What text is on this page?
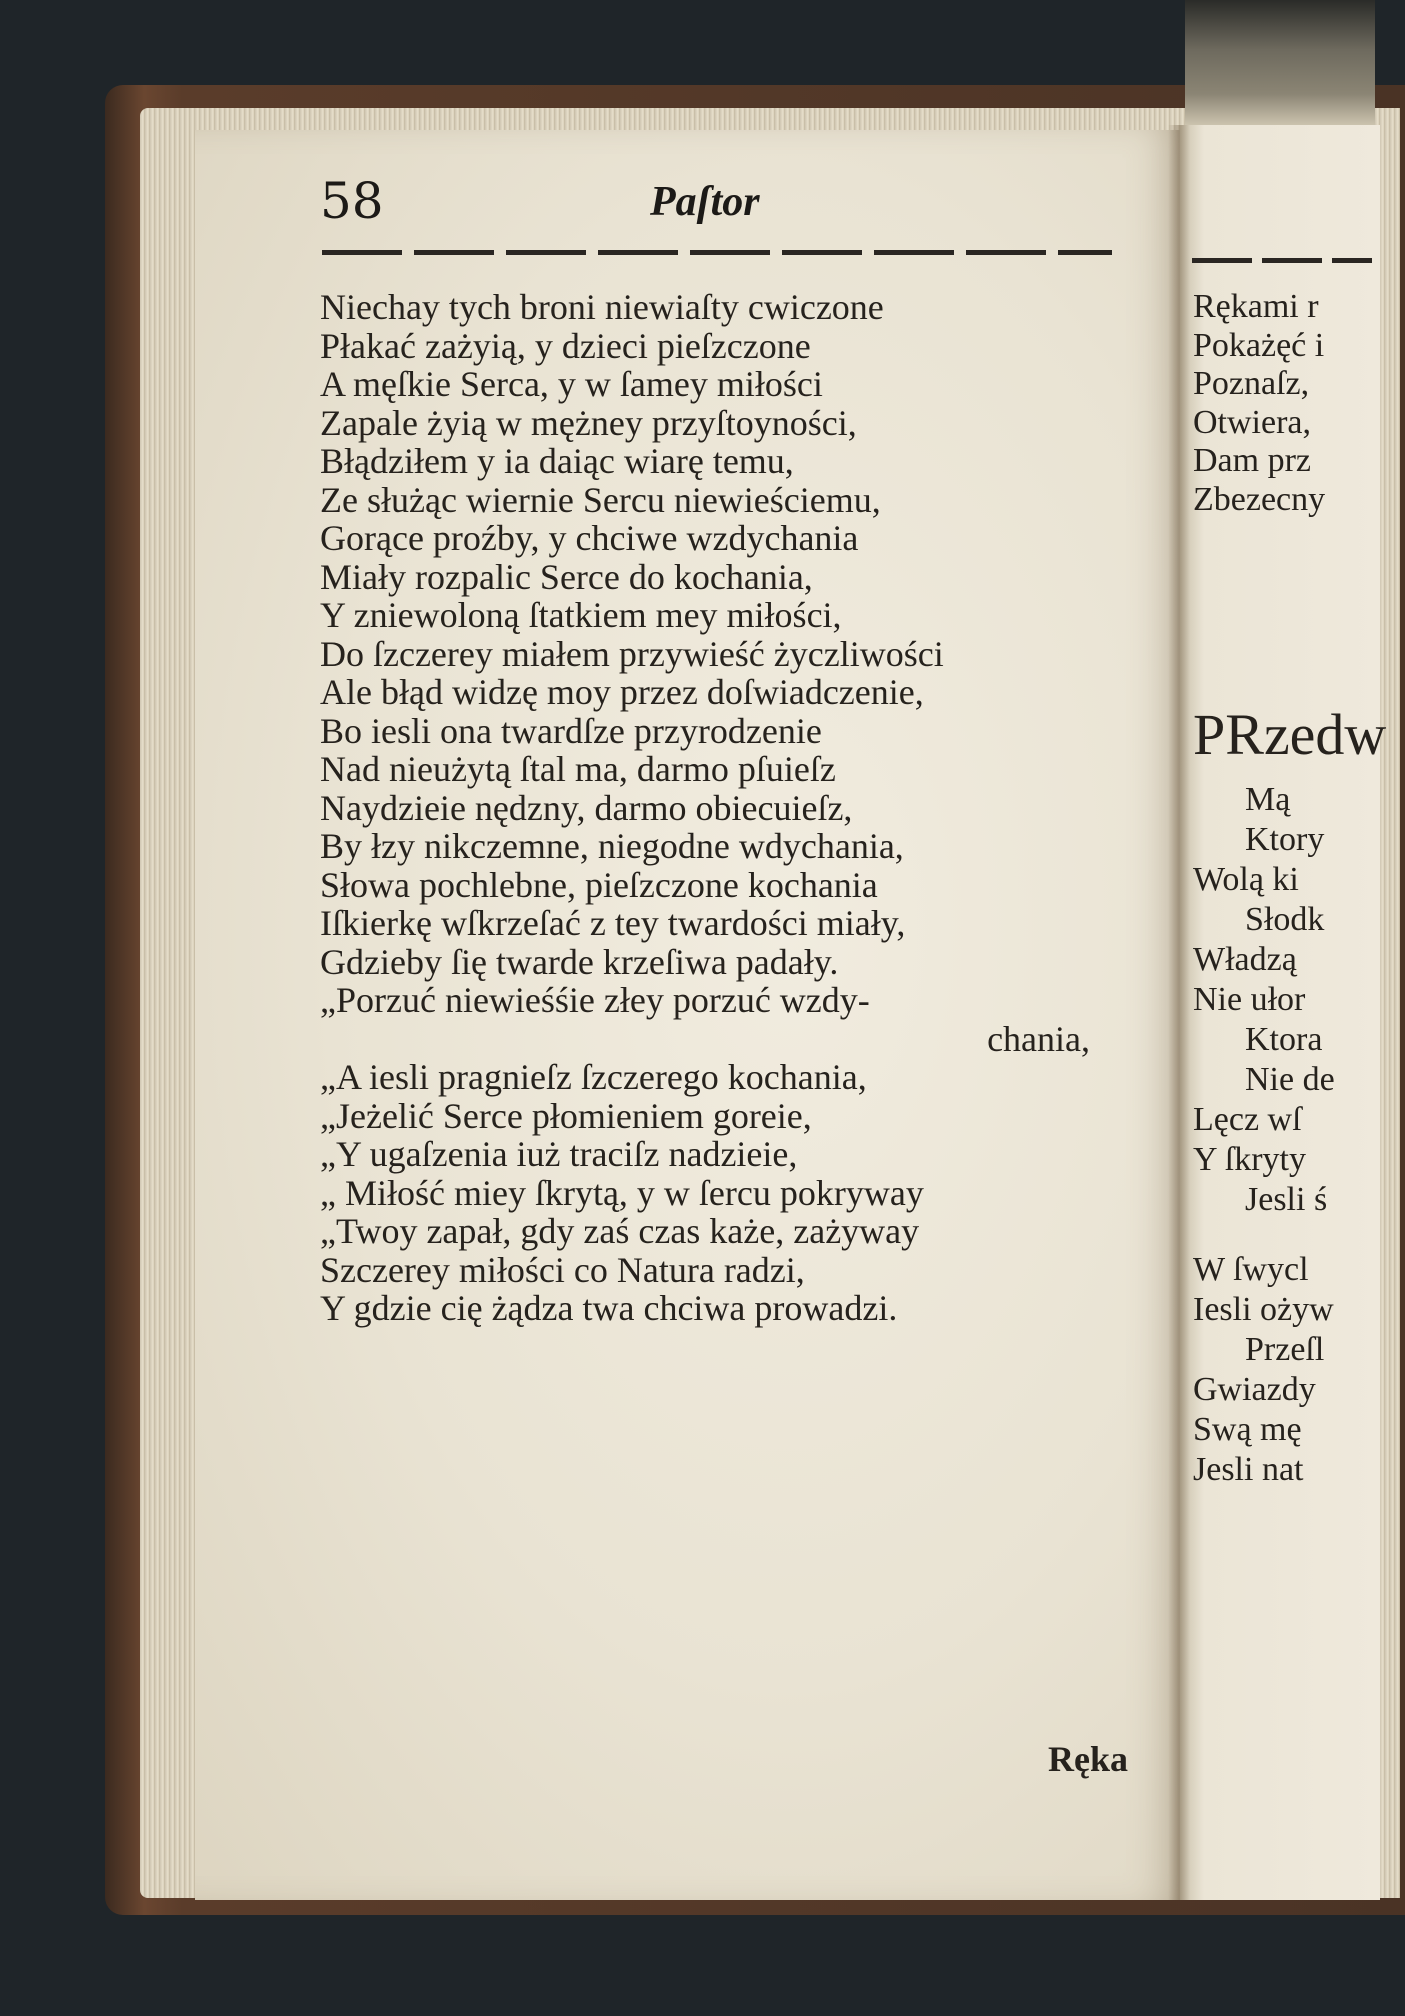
58	Paſtor
Niechay tych broni niewiaſty cwiczone
Płakać zażyią, y dzieci pieſzczone
A męſkie Serca, y w ſamey miłości
Zapale żyią w mężney przyſtoyności,
Błądziłem y ia daiąc wiarę temu,
Ze służąc wiernie Sercu niewieściemu,
Gorące proźby, y chciwe wzdychania
Miały rozpalic Serce do kochania,
Y zniewoloną ſtatkiem mey miłości,
Do ſzczerey miałem przywieść życzliwości
Ale błąd widzę moy przez doſwiadczenie,
Bo iesli ona twardſze przyrodzenie
Nad nieużytą ſtal ma, darmo pſuieſz
Naydzieie nędzny, darmo obiecuieſz,
By łzy nikczemne, niegodne wdychania,
Słowa pochlebne, pieſzczone kochania
Iſkierkę wſkrzeſać z tey twardości miały,
Gdzieby ſię twarde krzeſiwa padały.
„Porzuć niewieśśie złey porzuć wzdy-
chania,
„A iesli pragnieſz ſzczerego kochania,
„Jeżelić Serce płomieniem goreie,
„Y ugaſzenia iuż traciſz nadzieie,
„ Miłość miey ſkrytą, y w ſercu pokryway
„Twoy zapał, gdy zaś czas każe, zażyway
Szczerey miłości co Natura radzi,
Y gdzie cię żądza twa chciwa prowadzi.
Ręka
Rękami r
Pokażęć i
Poznaſz,
Otwiera,
Dam prz
Zbezecny
PRzedw
Mą
Ktory
Wolą ki
Słodk
Władzą
Nie ułor
Ktora
Nie de
Lęcz wſ
Y ſkryty
Jesli ś
W ſwycl
Iesli ożyw
Przeſl
Gwiazdy
Swą mę
Jesli nat
